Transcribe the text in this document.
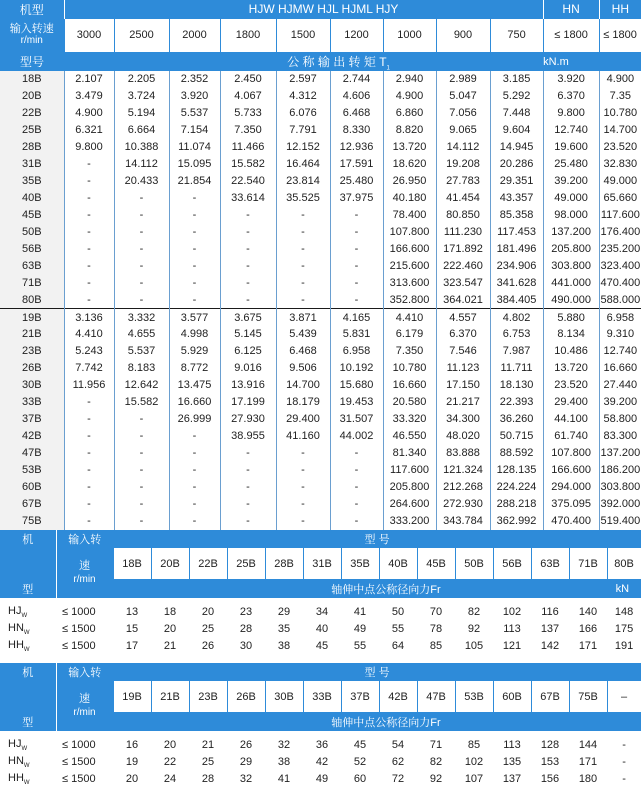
机型	HJW HJMW HJL HJML HJY									HN	HH

输入转速
r/min	3000	2500	2000	1800	1500	1200	1000	900	750	≤ 1800	≤ 1800
型号	公 称 输 出 转 矩 $T_1$									kN.m	
18B	2.107	2.205	2.352	2.450	2.597	2.744	2.940	2.989	3.185	3.920	4.900
20B	3.479	3.724	3.920	4.067	4.312	4.606	4.900	5.047	5.292	6.370	7.35
22B	4.900	5.194	5.537	5.733	6.076	6.468	6.860	7.056	7.448	9.800	10.780
25B	6.321	6.664	7.154	7.350	7.791	8.330	8.820	9.065	9.604	12.740	14.700
28B	9.800	10.388	11.074	11.466	12.152	12.936	13.720	14.112	14.945	19.600	23.520
31B	-	14.112	15.095	15.582	16.464	17.591	18.620	19.208	20.286	25.480	32.830
35B	-	20.433	21.854	22.540	23.814	25.480	26.950	27.783	29.351	39.200	49.000
40B	-	-	-	33.614	35.525	37.975	40.180	41.454	43.357	49.000	65.660
45B	-	-	-	-	-	-	78.400	80.850	85.358	98.000	117.600
50B	-	-	-	-	-	-	107.800	111.230	117.453	137.200	176.400
56B	-	-	-	-	-	-	166.600	171.892	181.496	205.800	235.200
63B	-	-	-	-	-	-	215.600	222.460	234.906	303.800	323.400
71B	-	-	-	-	-	-	313.600	323.547	341.628	441.000	470.400
80B	-	-	-	-	-	-	352.800	364.021	384.405	490.000	588.000
19B	3.136	3.332	3.577	3.675	3.871	4.165	4.410	4.557	4.802	5.880	6.958
21B	4.410	4.655	4.998	5.145	5.439	5.831	6.179	6.370	6.753	8.134	9.310
23B	5.243	5.537	5.929	6.125	6.468	6.958	7.350	7.546	7.987	10.486	12.740
26B	7.742	8.183	8.772	9.016	9.506	10.192	10.780	11.123	11.711	13.720	16.660
30B	11.956	12.642	13.475	13.916	14.700	15.680	16.660	17.150	18.130	23.520	27.440
33B	-	15.582	16.660	17.199	18.179	19.453	20.580	21.217	22.393	29.400	39.200
37B	-	-	26.999	27.930	29.400	31.507	33.320	34.300	36.260	44.100	58.800
42B	-	-	-	38.955	41.160	44.002	46.550	48.020	50.715	61.740	83.300
47B	-	-	-	-	-	-	81.340	83.888	88.592	107.800	137.200
53B	-	-	-	-	-	-	117.600	121.324	128.135	166.600	186.200
60B	-	-	-	-	-	-	205.800	212.268	224.224	294.000	303.800
67B	-	-	-	-	-	-	264.600	272.930	288.218	375.095	392.000
75B	-	-	-	-	-	-	333.200	343.784	362.992	470.400	519.400
机	输入转	型 号													

	速
r/min	18B	20B	22B	25B	28B	31B	35B	40B	45B	50B	56B	63B	71B	80B
型		轴伸中点公称径向力Fr												kN	

$HJ_W$	≤ 1000	13	18	20	23	29	34	41	50	70	82	102	116	140	148
$HN_W$	≤ 1500	15	20	25	28	35	40	49	55	78	92	113	137	166	175
$HH_W$	≤ 1500	17	21	26	30	38	45	55	64	85	105	121	142	171	191

机	输入转	型 号													

	速
r/min	19B	21B	23B	26B	30B	33B	37B	42B	47B	53B	60B	67B	75B	–
型		轴伸中点公称径向力Fr													

$HJ_W$	≤ 1000	16	20	21	26	32	36	45	54	71	85	113	128	144	-
$HN_W$	≤ 1500	19	22	25	29	38	42	52	62	82	102	135	153	171	-
$HH_W$	≤ 1500	20	24	28	32	41	49	60	72	92	107	137	156	180	-
